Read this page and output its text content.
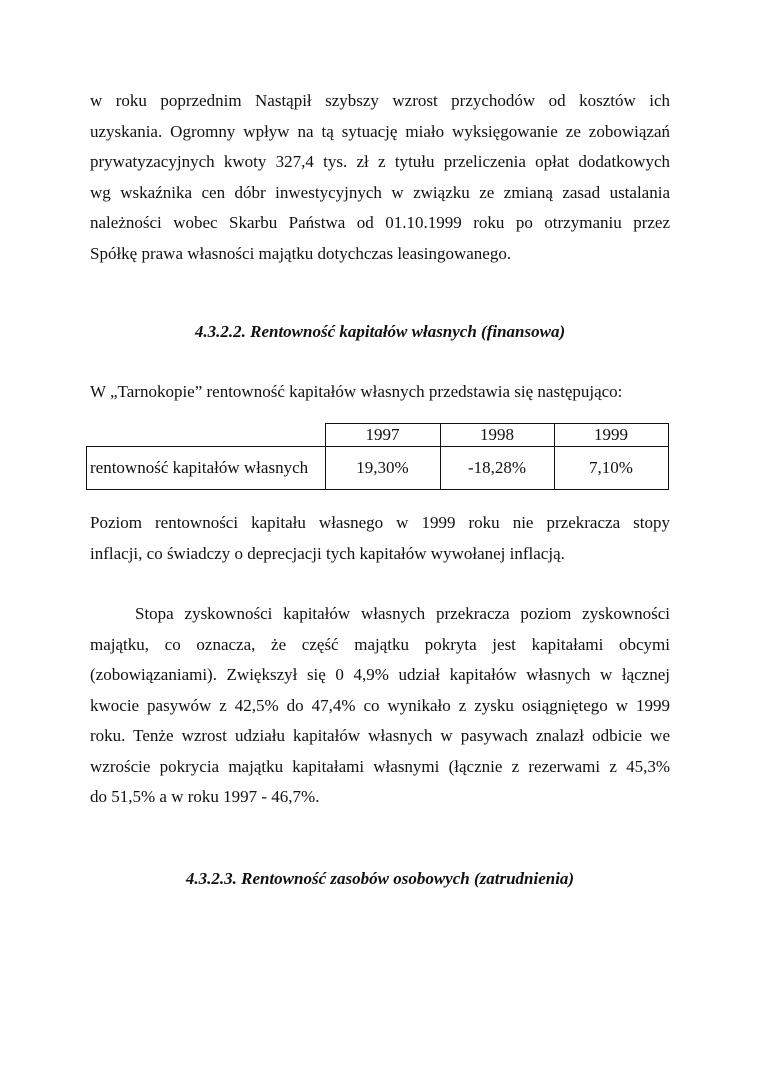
w roku poprzednim Nastąpił szybszy wzrost przychodów od kosztów ich
uzyskania. Ogromny wpływ na tą sytuację miało wyksięgowanie ze zobowiązań
prywatyzacyjnych kwoty 327,4 tys. zł z tytułu przeliczenia opłat dodatkowych
wg wskaźnika cen dóbr inwestycyjnych w związku ze zmianą zasad ustalania
należności wobec Skarbu Państwa od 01.10.1999 roku po otrzymaniu przez
Spółkę prawa własności majątku dotychczas leasingowanego.
4.3.2.2. Rentowność kapitałów własnych (finansowa)

W „Tarnokopie” rentowność kapitałów własnych przedstawia się następująco:

	1997	1998	1999
rentowność kapitałów własnych	19,30%	-18,28%	7,10%
Poziom rentowności kapitału własnego w 1999 roku nie przekracza stopy
inflacji, co świadczy o deprecjacji tych kapitałów wywołanej inflacją.
Stopa zyskowności kapitałów własnych przekracza poziom zyskowności
majątku, co oznacza, że część majątku pokryta jest kapitałami obcymi
(zobowiązaniami). Zwiększył się 0 4,9% udział kapitałów własnych w łącznej
kwocie pasywów z 42,5% do 47,4% co wynikało z zysku osiągniętego w 1999
roku. Tenże wzrost udziału kapitałów własnych w pasywach znalazł odbicie we
wzroście pokrycia majątku kapitałami własnymi (łącznie z rezerwami z 45,3%
do 51,5% a w roku 1997 - 46,7%.
4.3.2.3. Rentowność zasobów osobowych (zatrudnienia)
